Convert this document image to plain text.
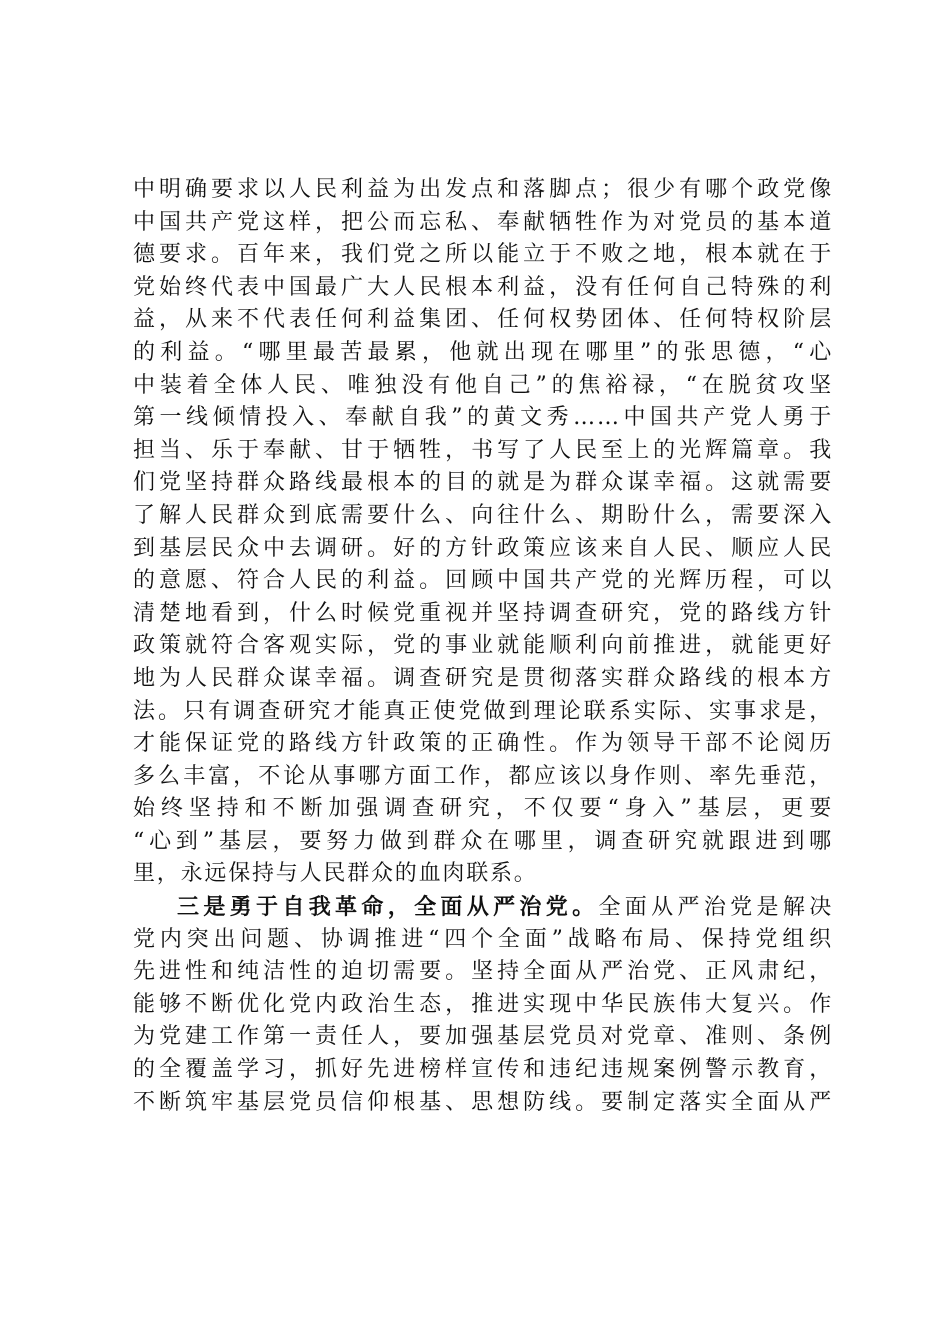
中明确要求以人民利益为出发点和落脚点；很少有哪个政党像
中国共产党这样，把公而忘私、奉献牺牲作为对党员的基本道
德要求。百年来，我们党之所以能立于不败之地，根本就在于
党始终代表中国最广大人民根本利益，没有任何自己特殊的利
益，从来不代表任何利益集团、任何权势团体、任何特权阶层
的利益。“哪里最苦最累，他就出现在哪里”的张思德，“心
中装着全体人民、唯独没有他自己”的焦裕禄，“在脱贫攻坚
第一线倾情投入、奉献自我”的黄文秀……中国共产党人勇于
担当、乐于奉献、甘于牺牲，书写了人民至上的光辉篇章。我
们党坚持群众路线最根本的目的就是为群众谋幸福。这就需要
了解人民群众到底需要什么、向往什么、期盼什么，需要深入
到基层民众中去调研。好的方针政策应该来自人民、顺应人民
的意愿、符合人民的利益。回顾中国共产党的光辉历程，可以
清楚地看到，什么时候党重视并坚持调查研究，党的路线方针
政策就符合客观实际，党的事业就能顺利向前推进，就能更好
地为人民群众谋幸福。调查研究是贯彻落实群众路线的根本方
法。只有调查研究才能真正使党做到理论联系实际、实事求是，
才能保证党的路线方针政策的正确性。作为领导干部不论阅历
多么丰富，不论从事哪方面工作，都应该以身作则、率先垂范，
始终坚持和不断加强调查研究，不仅要“身入”基层，更要
“心到”基层，要努力做到群众在哪里，调查研究就跟进到哪
里，永远保持与人民群众的血肉联系。
三是勇于自我革命，全面从严治党。全面从严治党是解决
党内突出问题、协调推进“四个全面”战略布局、保持党组织
先进性和纯洁性的迫切需要。坚持全面从严治党、正风肃纪，
能够不断优化党内政治生态，推进实现中华民族伟大复兴。作
为党建工作第一责任人，要加强基层党员对党章、准则、条例
的全覆盖学习，抓好先进榜样宣传和违纪违规案例警示教育，
不断筑牢基层党员信仰根基、思想防线。要制定落实全面从严
